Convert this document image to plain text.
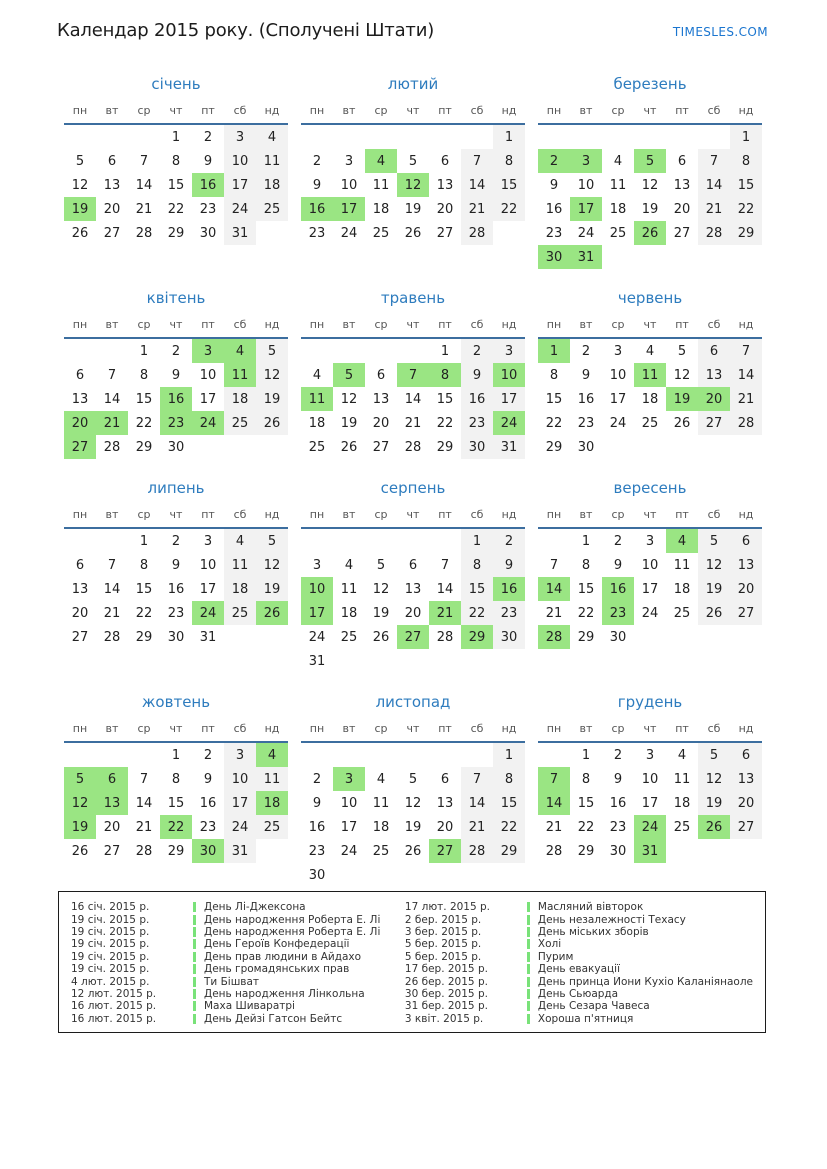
Календар 2015 року. (Сполучені Штати)	TIMESLES.COM
січень
пн	вт	ср	чт	пт	сб	нд
			1	2	3	4
5	6	7	8	9	10	11
12	13	14	15	16	17	18
19	20	21	22	23	24	25
26	27	28	29	30	31	
лютий
пн	вт	ср	чт	пт	сб	нд
						1
2	3	4	5	6	7	8
9	10	11	12	13	14	15
16	17	18	19	20	21	22
23	24	25	26	27	28	
березень
пн	вт	ср	чт	пт	сб	нд
						1
2	3	4	5	6	7	8
9	10	11	12	13	14	15
16	17	18	19	20	21	22
23	24	25	26	27	28	29
30	31					
квітень
пн	вт	ср	чт	пт	сб	нд
		1	2	3	4	5
6	7	8	9	10	11	12
13	14	15	16	17	18	19
20	21	22	23	24	25	26
27	28	29	30			
травень
пн	вт	ср	чт	пт	сб	нд
				1	2	3
4	5	6	7	8	9	10
11	12	13	14	15	16	17
18	19	20	21	22	23	24
25	26	27	28	29	30	31
червень
пн	вт	ср	чт	пт	сб	нд
1	2	3	4	5	6	7
8	9	10	11	12	13	14
15	16	17	18	19	20	21
22	23	24	25	26	27	28
29	30					
липень
пн	вт	ср	чт	пт	сб	нд
		1	2	3	4	5
6	7	8	9	10	11	12
13	14	15	16	17	18	19
20	21	22	23	24	25	26
27	28	29	30	31		
серпень
пн	вт	ср	чт	пт	сб	нд
					1	2
3	4	5	6	7	8	9
10	11	12	13	14	15	16
17	18	19	20	21	22	23
24	25	26	27	28	29	30
31						
вересень
пн	вт	ср	чт	пт	сб	нд
	1	2	3	4	5	6
7	8	9	10	11	12	13
14	15	16	17	18	19	20
21	22	23	24	25	26	27
28	29	30				
жовтень
пн	вт	ср	чт	пт	сб	нд
			1	2	3	4
5	6	7	8	9	10	11
12	13	14	15	16	17	18
19	20	21	22	23	24	25
26	27	28	29	30	31	
листопад
пн	вт	ср	чт	пт	сб	нд
						1
2	3	4	5	6	7	8
9	10	11	12	13	14	15
16	17	18	19	20	21	22
23	24	25	26	27	28	29
30						
грудень
пн	вт	ср	чт	пт	сб	нд
	1	2	3	4	5	6
7	8	9	10	11	12	13
14	15	16	17	18	19	20
21	22	23	24	25	26	27
28	29	30	31			
16 січ. 2015 р.	День Лі-Джексона
19 січ. 2015 р.	День народження Роберта Е. Лі
19 січ. 2015 р.	День народження Роберта Е. Лі
19 січ. 2015 р.	День Героїв Конфедерації
19 січ. 2015 р.	День прав людини в Айдахо
19 січ. 2015 р.	День громадянських прав
4 лют. 2015 р.	Ти Бішват
12 лют. 2015 р.	День народження Лінкольна
16 лют. 2015 р.	Маха Шиваратрі
16 лют. 2015 р.	День Дейзі Гатсон Бейтс
17 лют. 2015 р.	Масляний вівторок
2 бер. 2015 р.	День незалежності Техасу
3 бер. 2015 р.	День міських зборів
5 бер. 2015 р.	Холі
5 бер. 2015 р.	Пурим
17 бер. 2015 р.	День евакуації
26 бер. 2015 р.	День принца Йони Кухіо Каланіянаоле
30 бер. 2015 р.	День Сьюарда
31 бер. 2015 р.	День Сезара Чавеса
3 квіт. 2015 р.	Хороша п'ятниця
